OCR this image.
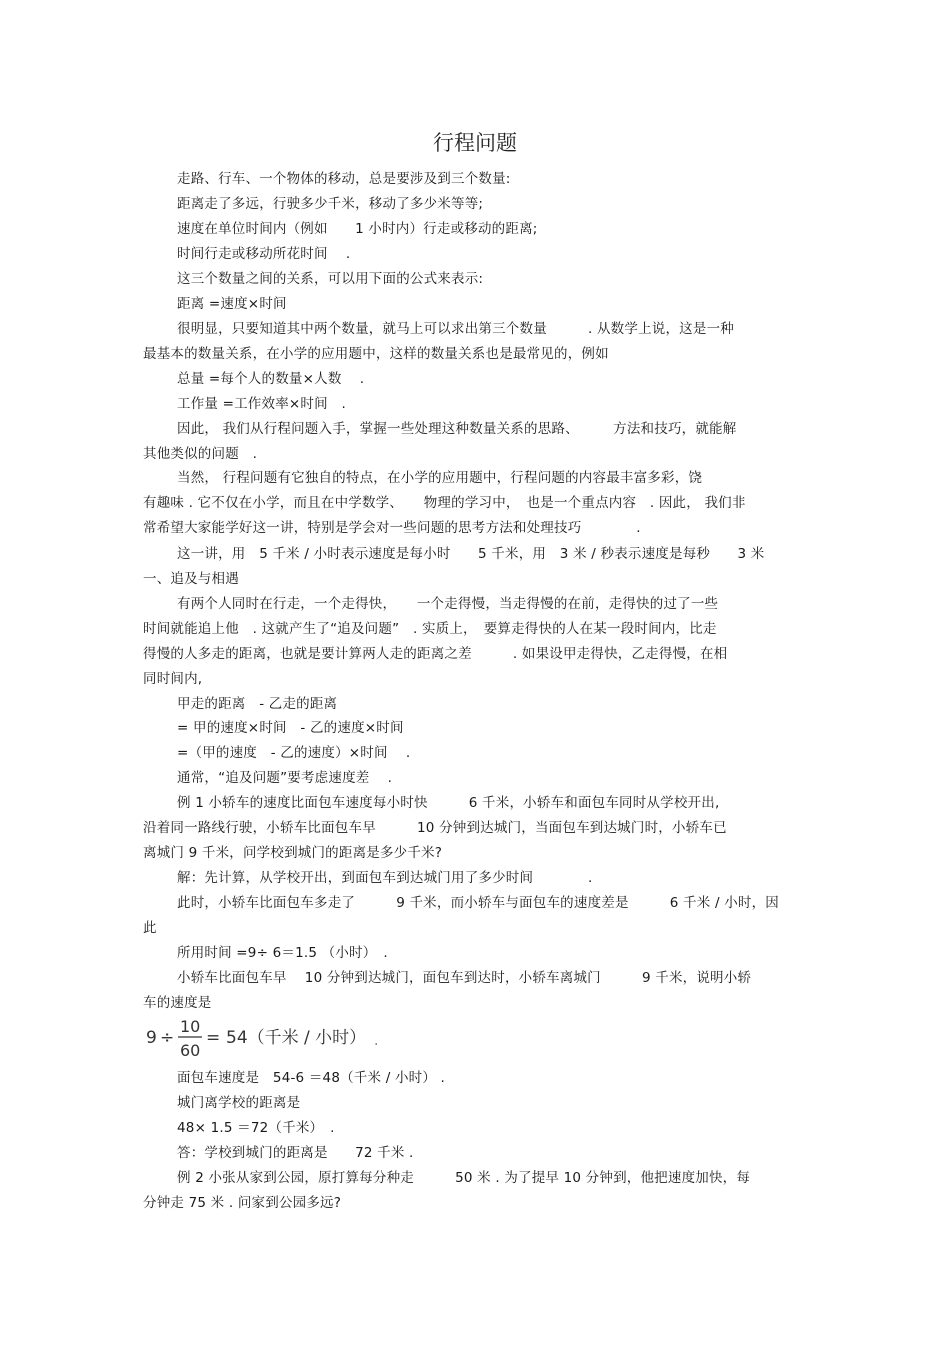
行程问题
走路、行车、一个物体的移动，总是要涉及到三个数量:
距离走了多远，行驶多少千米，移动了多少米等等;
速度在单位时间内（例如　　1 小时内）行走或移动的距离;
时间行走或移动所花时间　 .
这三个数量之间的关系，可以用下面的公式来表示:
距离 =速度×时间
很明显，只要知道其中两个数量，就马上可以求出第三个数量　　　. 从数学上说，这是一种
最基本的数量关系，在小学的应用题中，这样的数量关系也是最常见的，例如
总量 =每个人的数量×人数　 .
工作量 =工作效率×时间　.
因此， 我们从行程问题入手，掌握一些处理这种数量关系的思路、　　　方法和技巧，就能解
其他类似的问题　.
当然， 行程问题有它独自的特点，在小学的应用题中，行程问题的内容最丰富多彩，饶
有趣味 . 它不仅在小学，而且在中学数学、　　物理的学习中，　也是一个重点内容　. 因此， 我们非
常希望大家能学好这一讲，特别是学会对一些问题的思考方法和处理技巧　　　　.
这一讲，用　5 千米 / 小时表示速度是每小时　　5 千米，用　3 米 / 秒表示速度是每秒　　3 米
一、追及与相遇
有两个人同时在行走，一个走得快，　　一个走得慢，当走得慢的在前，走得快的过了一些
时间就能追上他　. 这就产生了“追及问题”　. 实质上，　要算走得快的人在某一段时间内，比走
得慢的人多走的距离，也就是要计算两人走的距离之差　　　. 如果设甲走得快，乙走得慢，在相
同时间内,
甲走的距离　- 乙走的距离
= 甲的速度×时间　- 乙的速度×时间
=（甲的速度　- 乙的速度）×时间　 .
通常，“追及问题”要考虑速度差　 .
例 1 小轿车的速度比面包车速度每小时快　　　6 千米，小轿车和面包车同时从学校开出,
沿着同一路线行驶，小轿车比面包车早　　　10 分钟到达城门，当面包车到达城门时，小轿车已
离城门 9 千米，问学校到城门的距离是多少千米?
解：先计算，从学校开出，到面包车到达城门用了多少时间　　　　.
此时，小轿车比面包车多走了　　　9 千米，而小轿车与面包车的速度差是　　　6 千米 / 小时，因
此
所用时间 =9÷ 6＝1.5 （小时）　.
小轿车比面包车早　 10 分钟到达城门，面包车到达时，小轿车离城门　　　9 千米，说明小轿
车的速度是
9 ÷
10
60
= 54（千米 / 小时） .
面包车速度是　54-6 ＝48（千米 / 小时） .
城门离学校的距离是
48× 1.5 ＝72（千米）　.
答：学校到城门的距离是　　72 千米 .
例 2 小张从家到公园，原打算每分种走　　　50 米 . 为了提早 10 分钟到，他把速度加快，每
分钟走 75 米 . 问家到公园多远?
